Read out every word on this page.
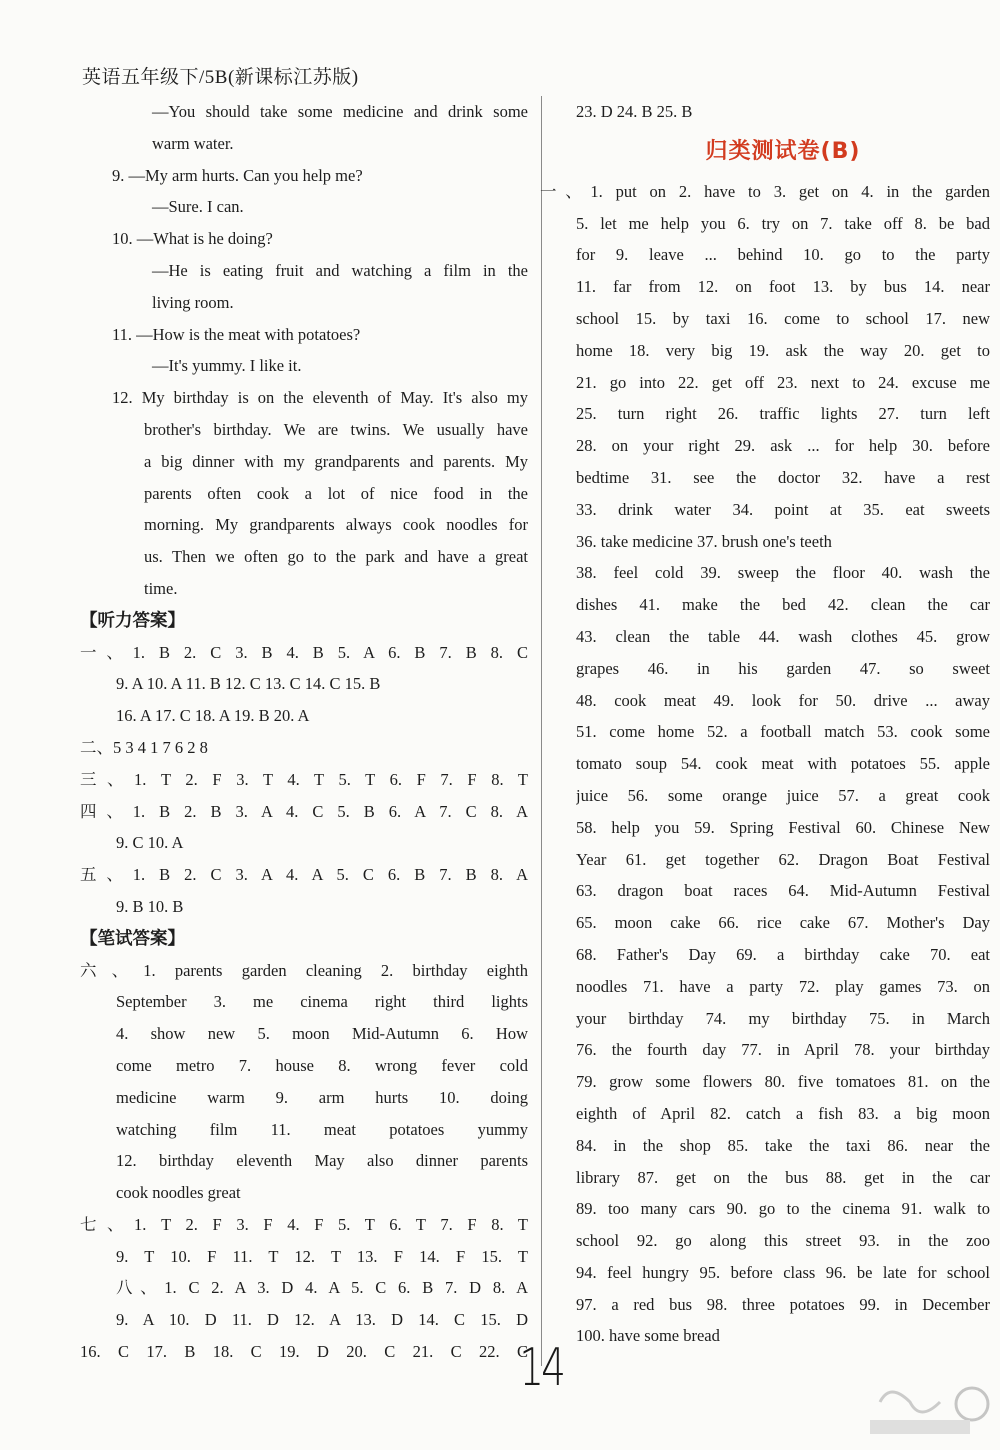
英语五年级下/5B(新课标江苏版)
—You should take some medicine and drink some
warm water.
9. —My arm hurts. Can you help me?
—Sure. I can.
10. —What is he doing?
—He is eating fruit and watching a film in the
living room.
11. —How is the meat with potatoes?
—It's yummy. I like it.
12. My birthday is on the eleventh of May. It's also my
brother's birthday. We are twins. We usually have
a big dinner with my grandparents and parents. My
parents often cook a lot of nice food in the
morning. My grandparents always cook noodles for
us. Then we often go to the park and have a great
time.
【听力答案】
一、1. B 2. C 3. B 4. B 5. A 6. B 7. B 8. C
9. A 10. A 11. B 12. C 13. C 14. C 15. B
16. A 17. C 18. A 19. B 20. A
二、5 3 4 1 7 6 2 8
三、1. T 2. F 3. T 4. T 5. T 6. F 7. F 8. T
四、1. B 2. B 3. A 4. C 5. B 6. A 7. C 8. A
9. C 10. A
五、1. B 2. C 3. A 4. A 5. C 6. B 7. B 8. A
9. B 10. B
【笔试答案】
六、1. parents garden cleaning 2. birthday eighth
September 3. me cinema right third lights
4. show new 5. moon Mid-Autumn 6. How
come metro 7. house 8. wrong fever cold
medicine warm 9. arm hurts 10. doing
watching film 11. meat potatoes yummy
12. birthday eleventh May also dinner parents
cook noodles great
七、1. T 2. F 3. F 4. F 5. T 6. T 7. F 8. T
9. T 10. F 11. T 12. T 13. F 14. F 15. T
八、1. C 2. A 3. D 4. A 5. C 6. B 7. D 8. A
9. A 10. D 11. D 12. A 13. D 14. C 15. D
16. C 17. B 18. C 19. D 20. C 21. C 22. C
23. D 24. B 25. B
归类测试卷(B)
一、1. put on 2. have to 3. get on 4. in the garden
5. let me help you 6. try on 7. take off 8. be bad
for 9. leave ... behind 10. go to the party
11. far from 12. on foot 13. by bus 14. near
school 15. by taxi 16. come to school 17. new
home 18. very big 19. ask the way 20. get to
21. go into 22. get off 23. next to 24. excuse me
25. turn right 26. traffic lights 27. turn left
28. on your right 29. ask ... for help 30. before
bedtime 31. see the doctor 32. have a rest
33. drink water 34. point at 35. eat sweets
36. take medicine 37. brush one's teeth
38. feel cold 39. sweep the floor 40. wash the
dishes 41. make the bed 42. clean the car
43. clean the table 44. wash clothes 45. grow
grapes 46. in his garden 47. so sweet
48. cook meat 49. look for 50. drive ... away
51. come home 52. a football match 53. cook some
tomato soup 54. cook meat with potatoes 55. apple
juice 56. some orange juice 57. a great cook
58. help you 59. Spring Festival 60. Chinese New
Year 61. get together 62. Dragon Boat Festival
63. dragon boat races 64. Mid-Autumn Festival
65. moon cake 66. rice cake 67. Mother's Day
68. Father's Day 69. a birthday cake 70. eat
noodles 71. have a party 72. play games 73. on
your birthday 74. my birthday 75. in March
76. the fourth day 77. in April 78. your birthday
79. grow some flowers 80. five tomatoes 81. on the
eighth of April 82. catch a fish 83. a big moon
84. in the shop 85. take the taxi 86. near the
library 87. get on the bus 88. get in the car
89. too many cars 90. go to the cinema 91. walk to
school 92. go along this street 93. in the zoo
94. feel hungry 95. before class 96. be late for school
97. a red bus 98. three potatoes 99. in December
100. have some bread
14
